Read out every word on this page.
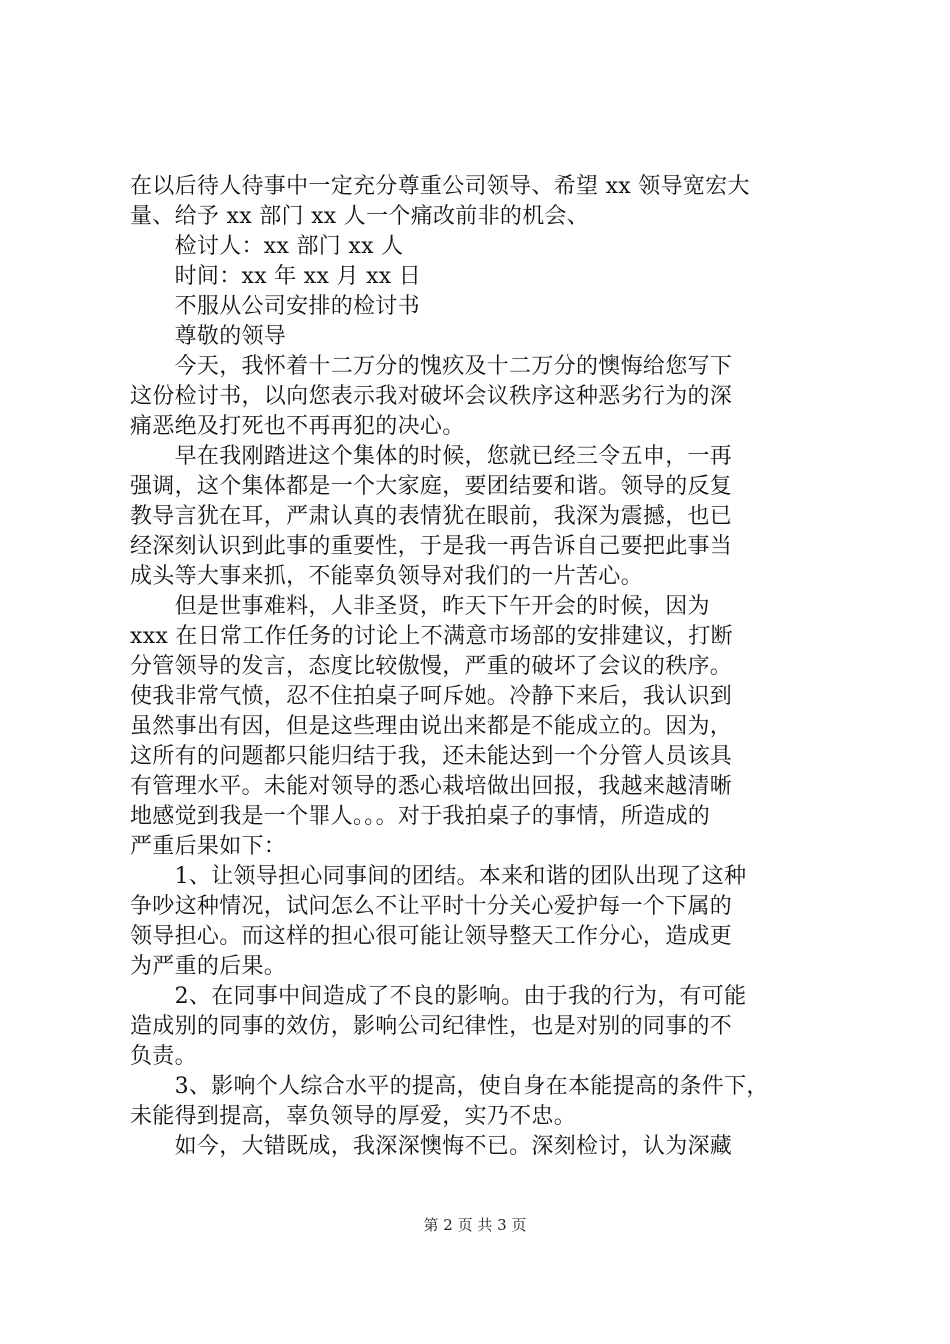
在以后待人待事中一定充分尊重公司领导、希望 xx 领导宽宏大
量、给予 xx 部门 xx 人一个痛改前非的机会、
　　检讨人：xx 部门 xx 人
　　时间：xx 年 xx 月 xx 日
　　不服从公司安排的检讨书
　　尊敬的领导
　　今天，我怀着十二万分的愧疚及十二万分的懊悔给您写下
这份检讨书，以向您表示我对破坏会议秩序这种恶劣行为的深
痛恶绝及打死也不再再犯的决心。
　　早在我刚踏进这个集体的时候，您就已经三令五申，一再
强调，这个集体都是一个大家庭，要团结要和谐。领导的反复
教导言犹在耳，严肃认真的表情犹在眼前，我深为震撼，也已
经深刻认识到此事的重要性，于是我一再告诉自己要把此事当
成头等大事来抓，不能辜负领导对我们的一片苦心。
　　但是世事难料，人非圣贤，昨天下午开会的时候，因为
xxx 在日常工作任务的讨论上不满意市场部的安排建议，打断
分管领导的发言，态度比较傲慢，严重的破坏了会议的秩序。
使我非常气愤，忍不住拍桌子呵斥她。冷静下来后，我认识到
虽然事出有因，但是这些理由说出来都是不能成立的。因为，
这所有的问题都只能归结于我，还未能达到一个分管人员该具
有管理水平。未能对领导的悉心栽培做出回报，我越来越清晰
地感觉到我是一个罪人。。。对于我拍桌子的事情，所造成的
严重后果如下：
　　1、让领导担心同事间的团结。本来和谐的团队出现了这种
争吵这种情况，试问怎么不让平时十分关心爱护每一个下属的
领导担心。而这样的担心很可能让领导整天工作分心，造成更
为严重的后果。
　　2、在同事中间造成了不良的影响。由于我的行为，有可能
造成别的同事的效仿，影响公司纪律性，也是对别的同事的不
负责。
　　3、影响个人综合水平的提高，使自身在本能提高的条件下，
未能得到提高，辜负领导的厚爱，实乃不忠。
　　如今，大错既成，我深深懊悔不已。深刻检讨，认为深藏
第 2 页 共 3 页
